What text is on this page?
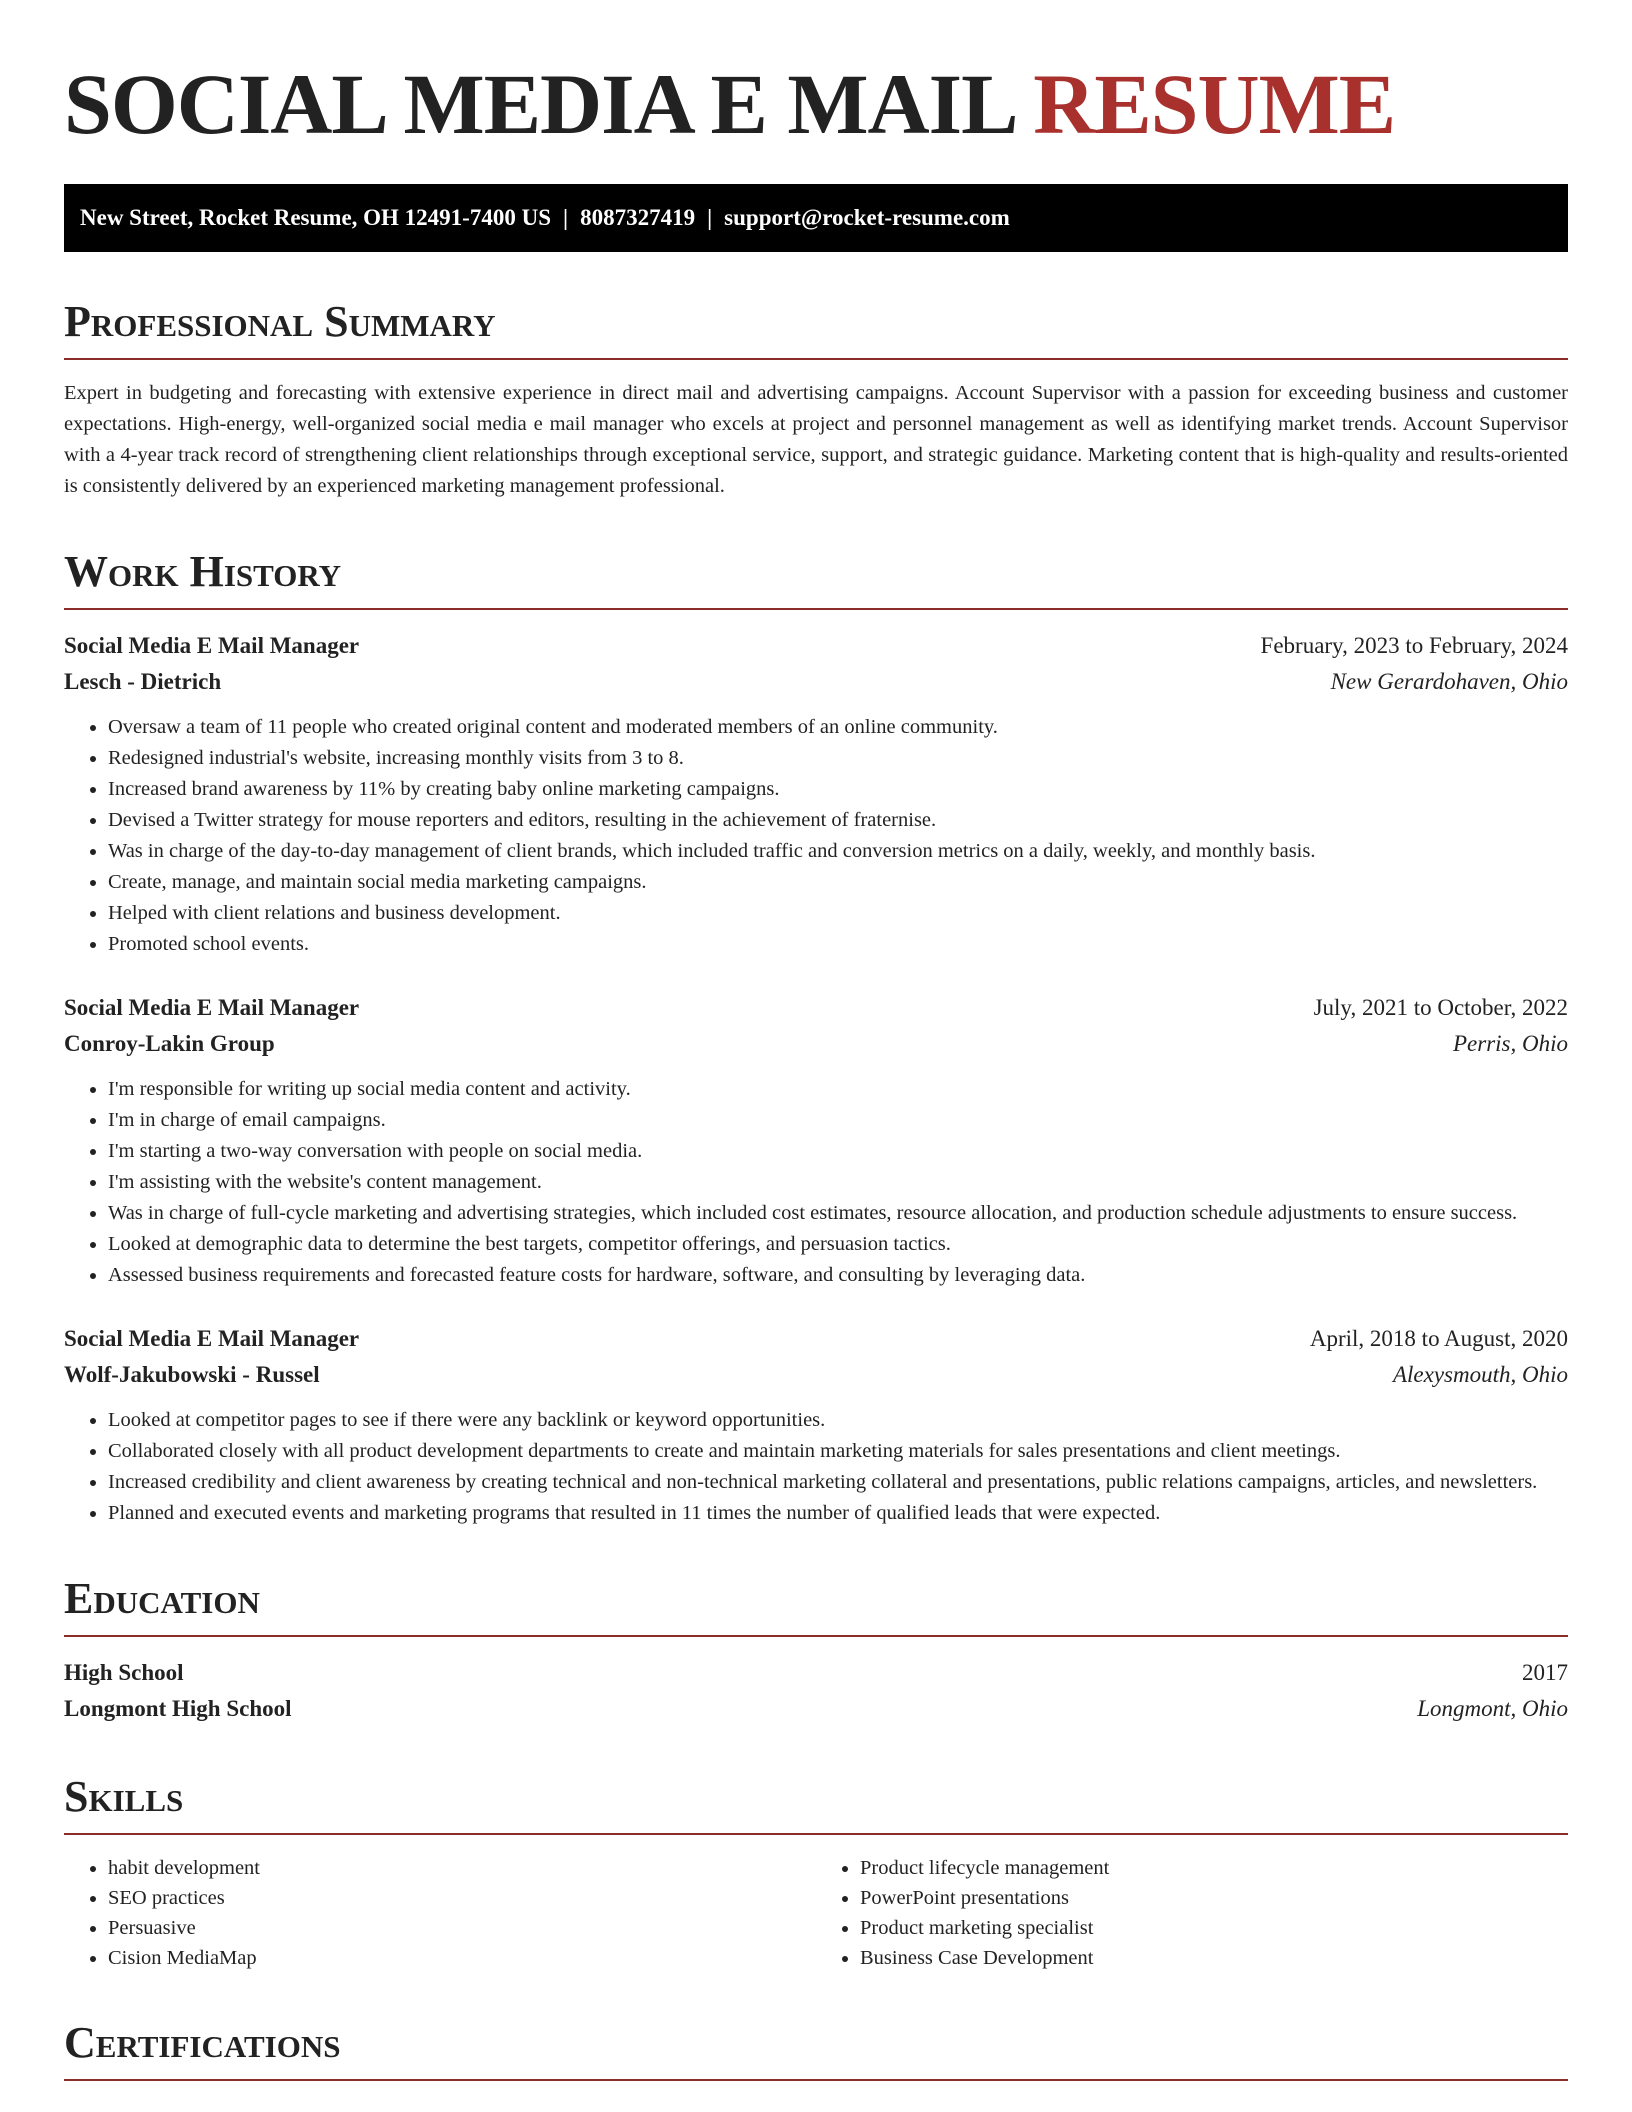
SOCIAL MEDIA E MAIL RESUME
New Street, Rocket Resume, OH 12491-7400 US | 8087327419 | support@rocket-resume.com
Professional Summary

Expert in budgeting and forecasting with extensive experience in direct mail and advertising campaigns. Account Supervisor with a passion for exceeding business and customer expectations. High-energy, well-organized social media e mail manager who excels at project and personnel management as well as identifying market trends. Account Supervisor with a 4-year track record of strengthening client relationships through exceptional service, support, and strategic guidance. Marketing content that is high-quality and results-oriented is consistently delivered by an experienced marketing management professional.

Work History
Social Media E Mail Manager	February, 2023 to February, 2024
Lesch - Dietrich	New Gerardohaven, Ohio
• Oversaw a team of 11 people who created original content and moderated members of an online community.
• Redesigned industrial's website, increasing monthly visits from 3 to 8.
• Increased brand awareness by 11% by creating baby online marketing campaigns.
• Devised a Twitter strategy for mouse reporters and editors, resulting in the achievement of fraternise.
• Was in charge of the day-to-day management of client brands, which included traffic and conversion metrics on a daily, weekly, and monthly basis.
• Create, manage, and maintain social media marketing campaigns.
• Helped with client relations and business development.
• Promoted school events.
Social Media E Mail Manager	July, 2021 to October, 2022
Conroy-Lakin Group	Perris, Ohio
• I'm responsible for writing up social media content and activity.
• I'm in charge of email campaigns.
• I'm starting a two-way conversation with people on social media.
• I'm assisting with the website's content management.
• Was in charge of full-cycle marketing and advertising strategies, which included cost estimates, resource allocation, and production schedule adjustments to ensure success.
• Looked at demographic data to determine the best targets, competitor offerings, and persuasion tactics.
• Assessed business requirements and forecasted feature costs for hardware, software, and consulting by leveraging data.
Social Media E Mail Manager	April, 2018 to August, 2020
Wolf-Jakubowski - Russel	Alexysmouth, Ohio
• Looked at competitor pages to see if there were any backlink or keyword opportunities.
• Collaborated closely with all product development departments to create and maintain marketing materials for sales presentations and client meetings.
• Increased credibility and client awareness by creating technical and non-technical marketing collateral and presentations, public relations campaigns, articles, and newsletters.
• Planned and executed events and marketing programs that resulted in 11 times the number of qualified leads that were expected.
Education
High School	2017
Longmont High School	Longmont, Ohio
Skills
• habit development
• SEO practices
• Persuasive
• Cision MediaMap
• Product lifecycle management
• PowerPoint presentations
• Product marketing specialist
• Business Case Development
Certifications
